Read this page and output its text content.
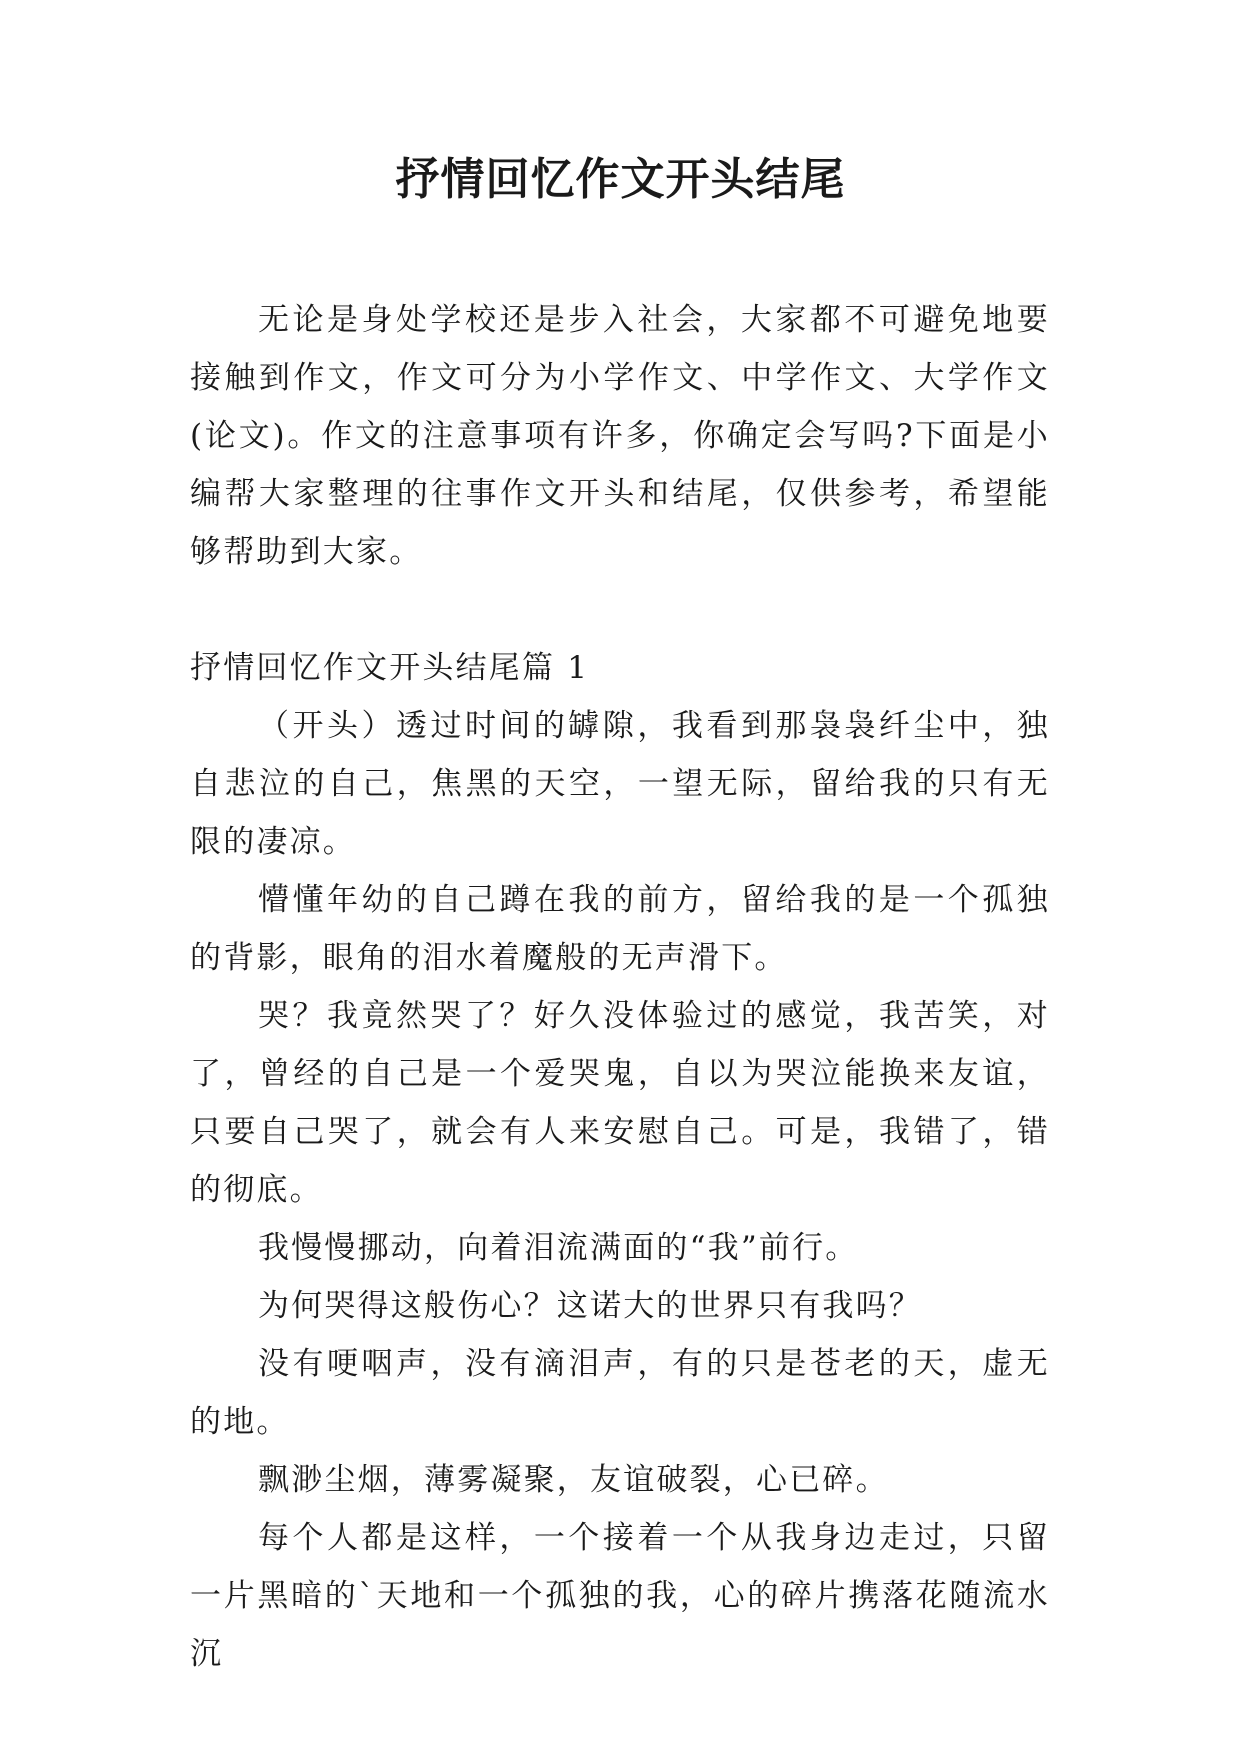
抒情回忆作文开头结尾

无论是身处学校还是步入社会，大家都不可避免地要接触到作文，作文可分为小学作文、中学作文、大学作文(论文)。作文的注意事项有许多，你确定会写吗?下面是小编帮大家整理的往事作文开头和结尾，仅供参考，希望能够帮助到大家。

抒情回忆作文开头结尾篇 1

（开头）透过时间的罅隙，我看到那袅袅纤尘中，独自悲泣的自己，焦黑的天空，一望无际，留给我的只有无限的凄凉。

懵懂年幼的自己蹲在我的前方，留给我的是一个孤独的背影，眼角的泪水着魔般的无声滑下。

哭？我竟然哭了？好久没体验过的感觉，我苦笑，对了，曾经的自己是一个爱哭鬼，自以为哭泣能换来友谊，只要自己哭了，就会有人来安慰自己。可是，我错了，错的彻底。

我慢慢挪动，向着泪流满面的“我”前行。

为何哭得这般伤心？这诺大的世界只有我吗？

没有哽咽声，没有滴泪声，有的只是苍老的天，虚无的地。

飘渺尘烟，薄雾凝聚，友谊破裂，心已碎。

每个人都是这样，一个接着一个从我身边走过，只留一片黑暗的`天地和一个孤独的我，心的碎片携落花随流水沉
